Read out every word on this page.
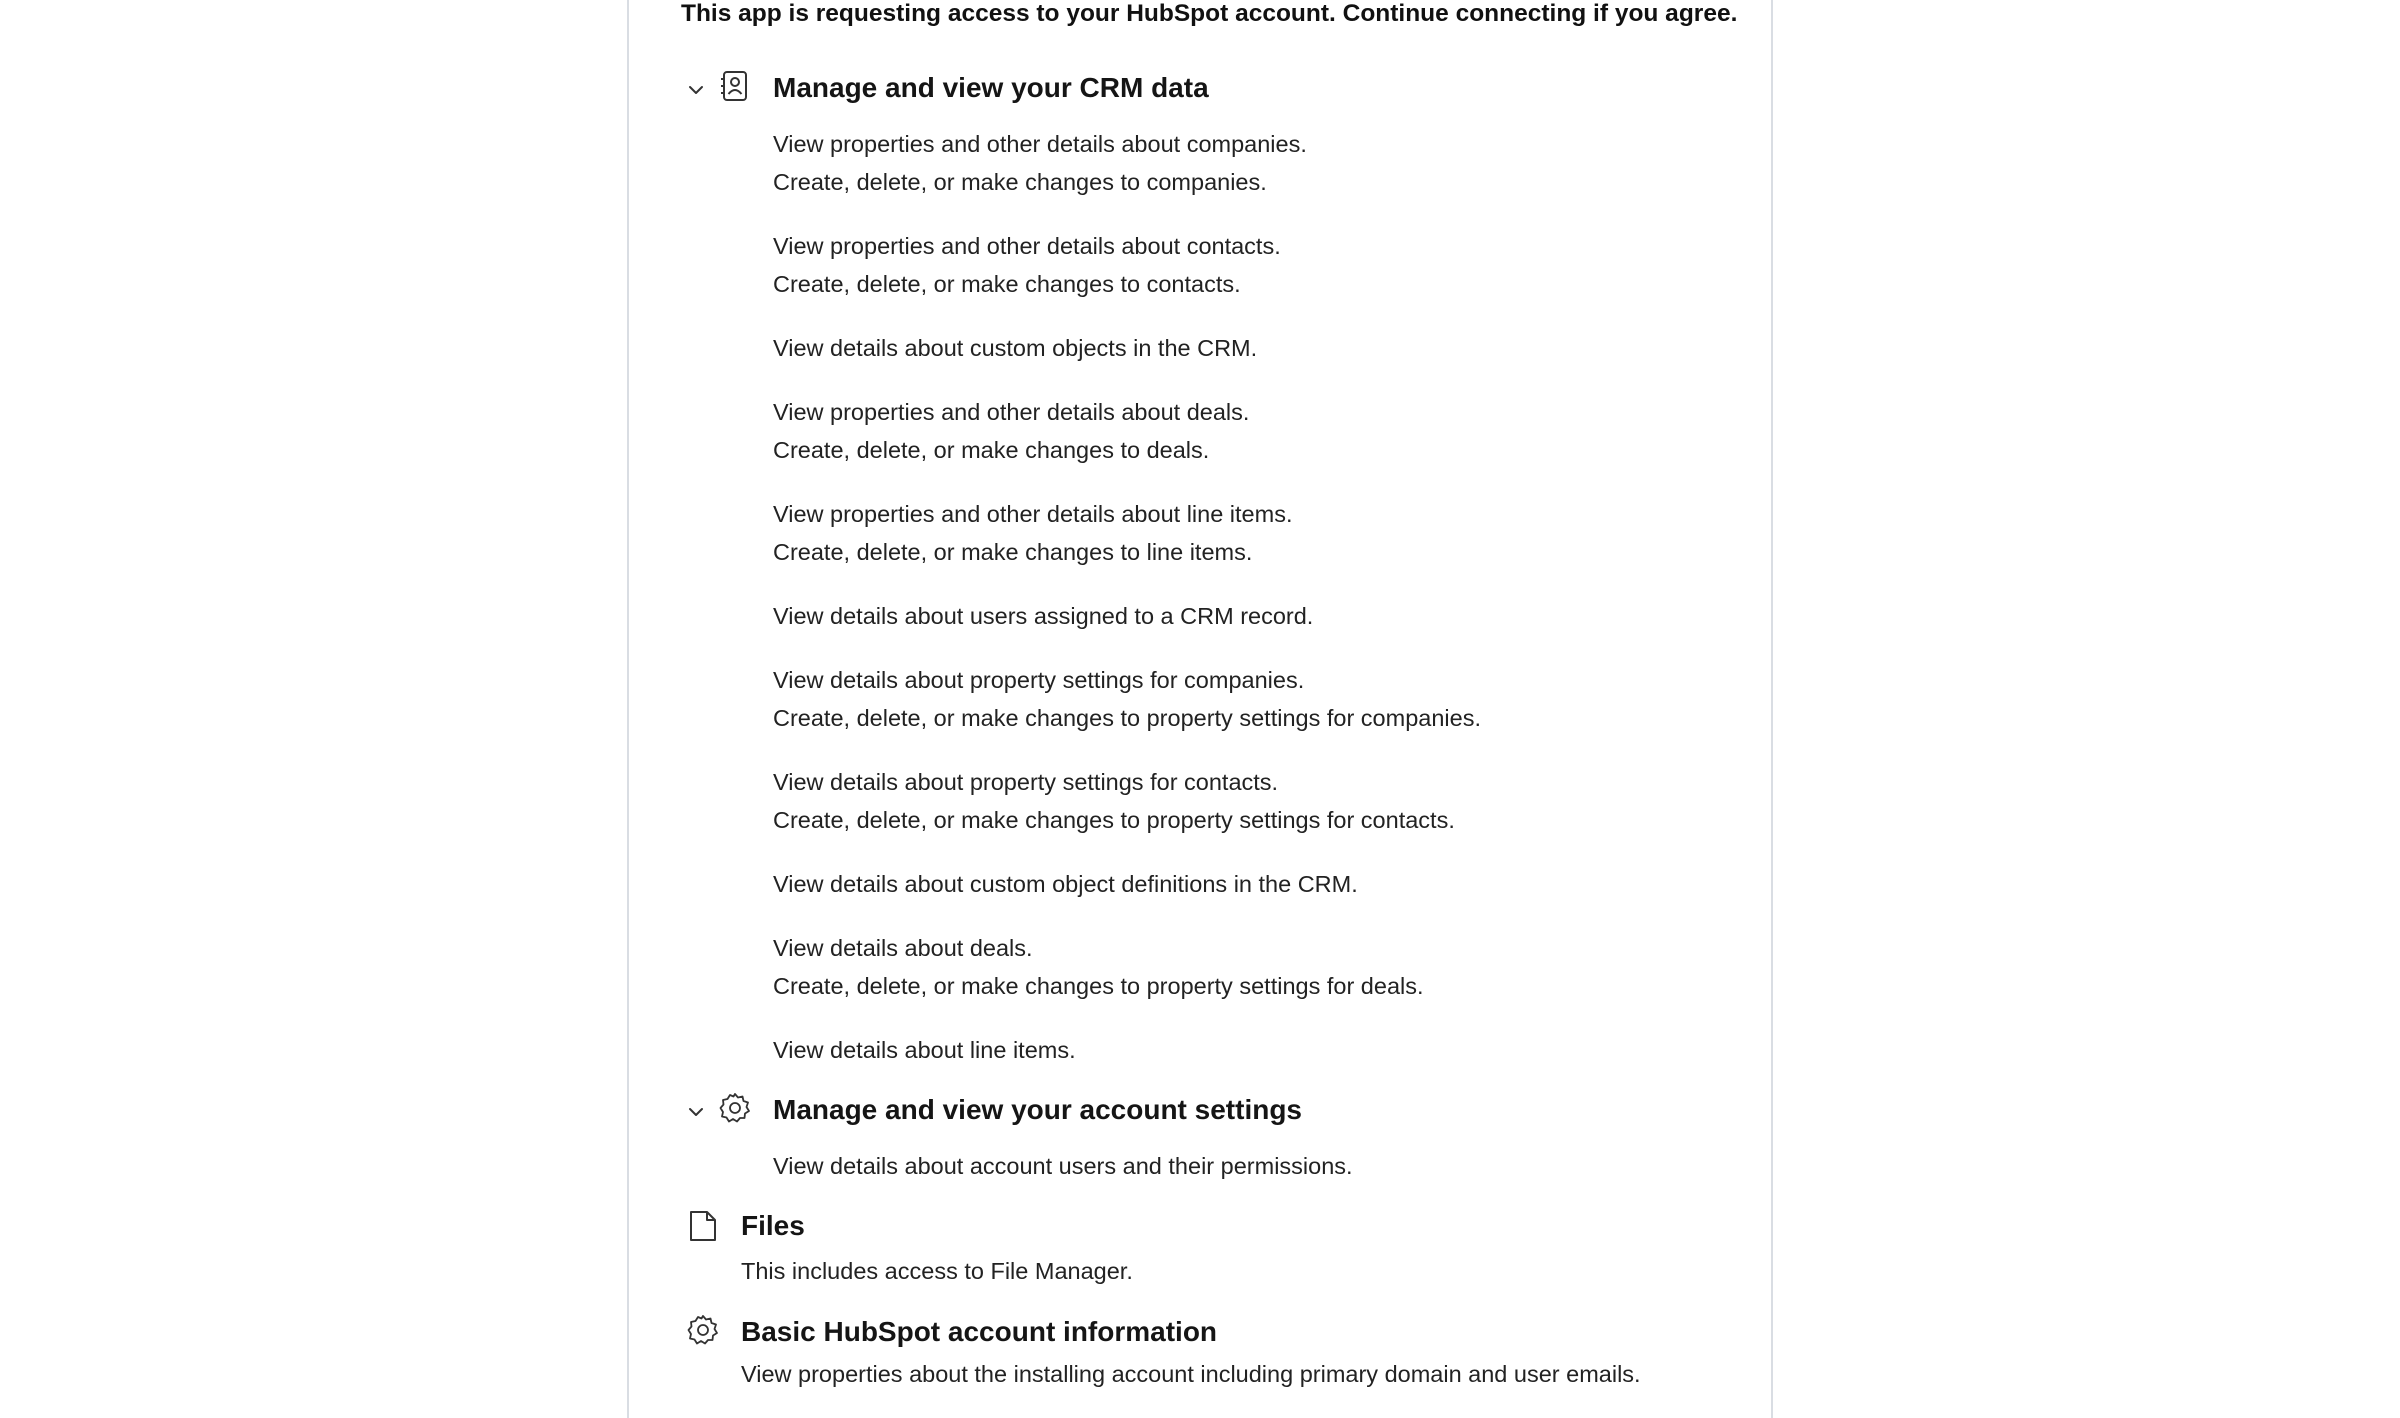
This app is requesting access to your HubSpot account. Continue connecting if you agree.
Manage and view your CRM data
View properties and other details about companies.
Create, delete, or make changes to companies.
View properties and other details about contacts.
Create, delete, or make changes to contacts.
View details about custom objects in the CRM.
View properties and other details about deals.
Create, delete, or make changes to deals.
View properties and other details about line items.
Create, delete, or make changes to line items.
View details about users assigned to a CRM record.
View details about property settings for companies.
Create, delete, or make changes to property settings for companies.
View details about property settings for contacts.
Create, delete, or make changes to property settings for contacts.
View details about custom object definitions in the CRM.
View details about deals.
Create, delete, or make changes to property settings for deals.
View details about line items.
Manage and view your account settings
View details about account users and their permissions.
Files
This includes access to File Manager.
Basic HubSpot account information
View properties about the installing account including primary domain and user emails.
